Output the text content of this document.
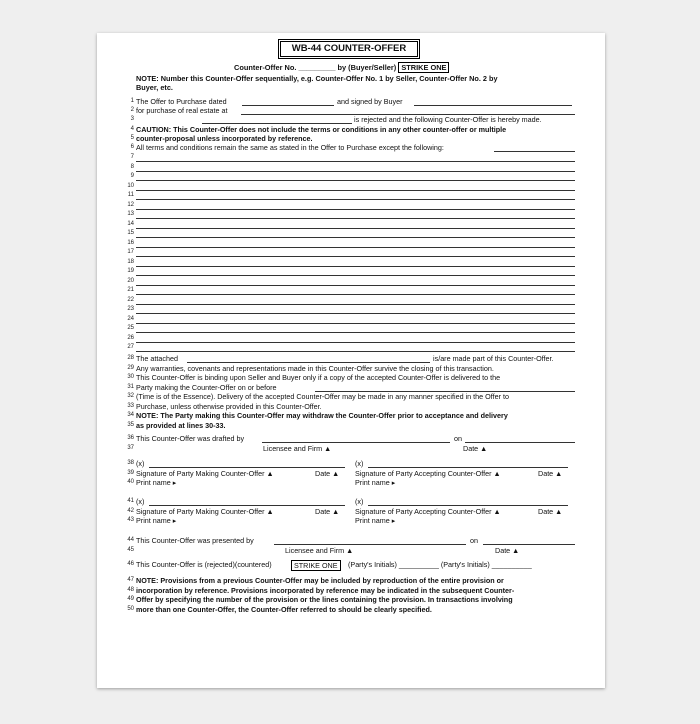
WB-44 COUNTER-OFFER
Counter-Offer No. _________ by (Buyer/Seller) STRIKE ONE
NOTE: Number this Counter-Offer sequentially, e.g. Counter-Offer No. 1 by Seller, Counter-Offer No. 2 by
Buyer, etc.
1 The Offer to Purchase dated	and signed by Buyer
2 for purchase of real estate at
3	is rejected and the following Counter-Offer is hereby made.
4 CAUTION: This Counter-Offer does not include the terms or conditions in any other counter-offer or multiple
5 counter-proposal unless incorporated by reference.
6 All terms and conditions remain the same as stated in the Offer to Purchase except the following:
7
8
9
10
11
12
13
14
15
16
17
18
19
20
21
22
23
24
25
26
27
28 The attached	is/are made part of this Counter-Offer.
29 Any warranties, covenants and representations made in this Counter-Offer survive the closing of this transaction.
30 This Counter-Offer is binding upon Seller and Buyer only if a copy of the accepted Counter-Offer is delivered to the
31 Party making the Counter-Offer on or before
32 (Time is of the Essence). Delivery of the accepted Counter-Offer may be made in any manner specified in the Offer to
33 Purchase, unless otherwise provided in this Counter-Offer.
34 NOTE: The Party making this Counter-Offer may withdraw the Counter-Offer prior to acceptance and delivery
35 as provided at lines 30-33.
36 This Counter-Offer was drafted by	on
37	Licensee and Firm ▲	Date ▲
38 (x)	(x)
39 Signature of Party Making Counter-Offer ▲	Date ▲ Signature of Party Accepting Counter-Offer ▲	Date ▲
40 Print name ▸	Print name ▸
41 (x)	(x)
42 Signature of Party Making Counter-Offer ▲	Date ▲ Signature of Party Accepting Counter-Offer ▲	Date ▲
43 Print name ▸	Print name ▸
44 This Counter-Offer was presented by	on
45	Licensee and Firm ▲	Date ▲
46 This Counter-Offer is (rejected)(countered)	STRIKE ONE	(Party's Initials) __________ (Party's Initials) __________
47 NOTE: Provisions from a previous Counter-Offer may be included by reproduction of the entire provision or
48 incorporation by reference. Provisions incorporated by reference may be indicated in the subsequent Counter-
49 Offer by specifying the number of the provision or the lines containing the provision. In transactions involving
50 more than one Counter-Offer, the Counter-Offer referred to should be clearly specified.
